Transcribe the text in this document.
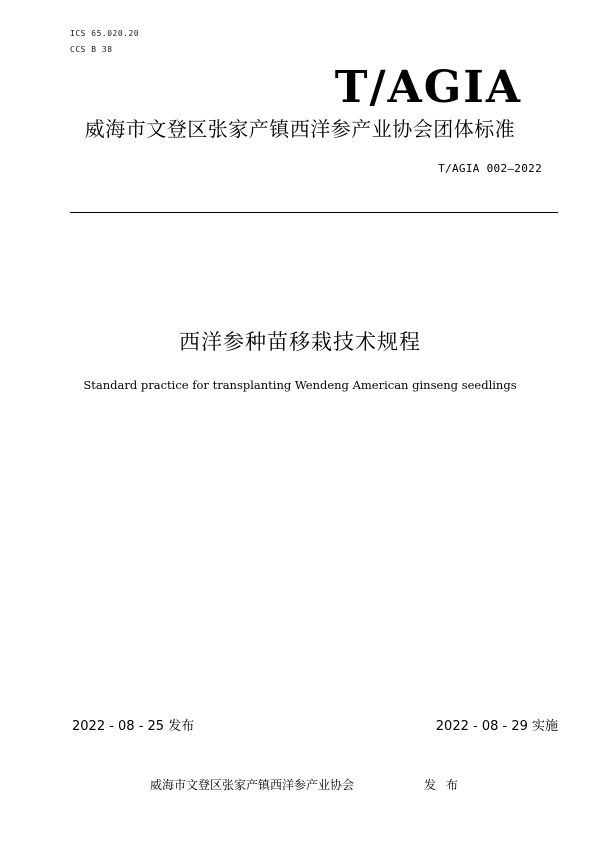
ICS 65.020.20
CCS B 38
T/AGIA
威海市文登区张家产镇西洋参产业协会团体标准
T/AGIA 002—2022
西洋参种苗移栽技术规程
Standard practice for transplanting Wendeng American ginseng seedlings
2022 - 08 - 25 发布	2022 - 08 - 29 实施
威海市文登区张家产镇西洋参产业协会	发布
